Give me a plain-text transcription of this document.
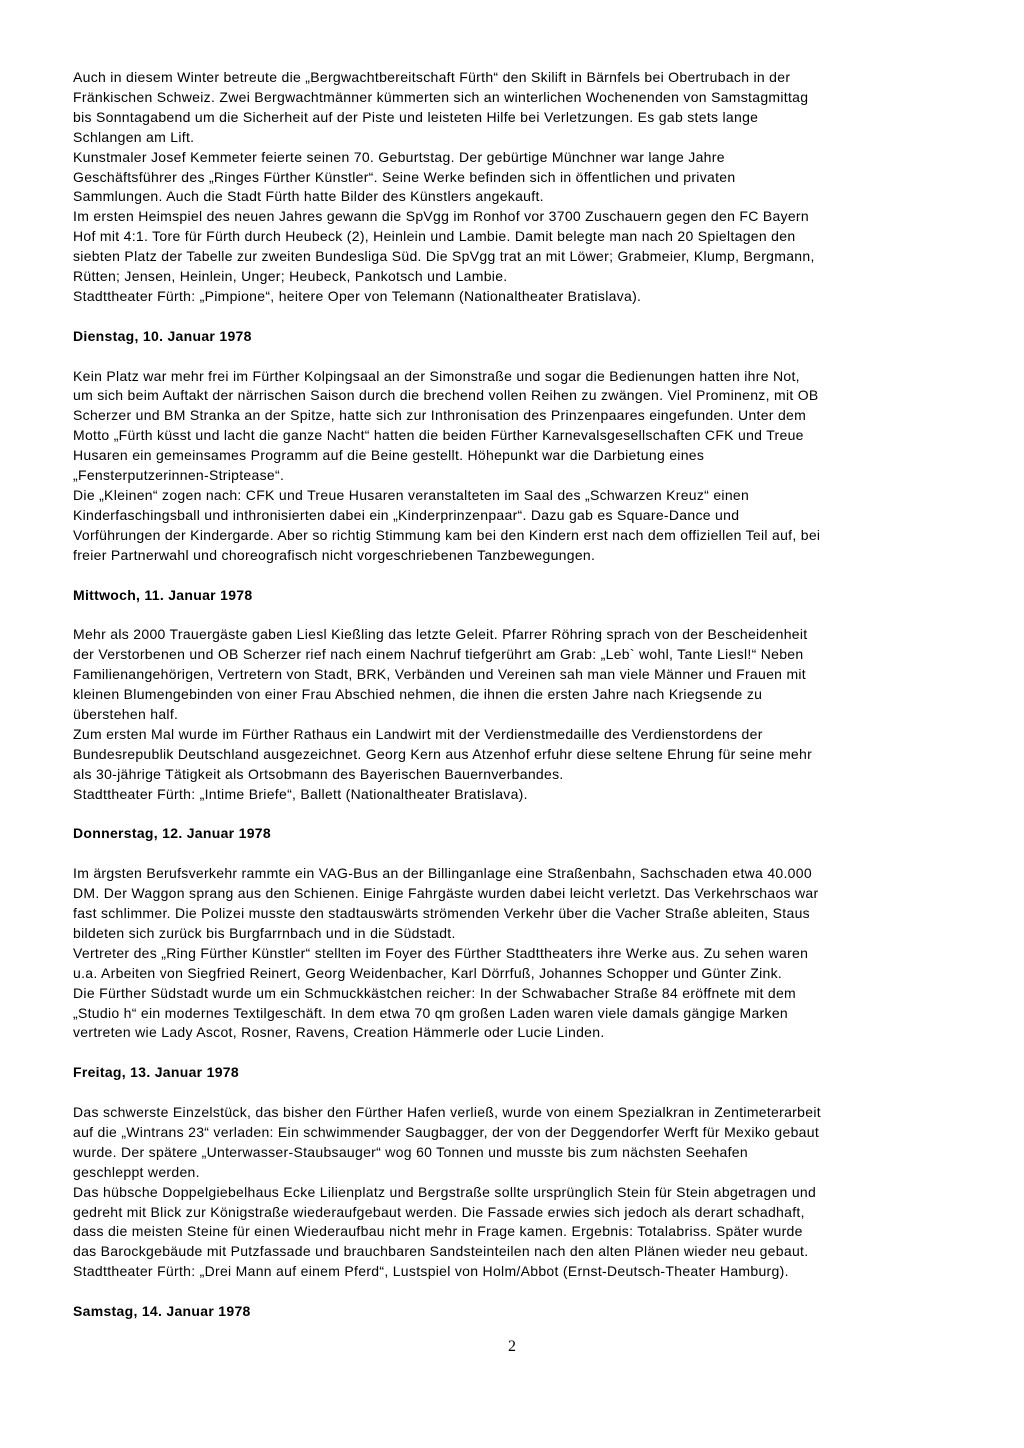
Auch in diesem Winter betreute die „Bergwachtbereitschaft Fürth“ den Skilift in Bärnfels bei Obertrubach in der
Fränkischen Schweiz. Zwei Bergwachtmänner kümmerten sich an winterlichen Wochenenden von Samstagmittag
bis Sonntagabend um die Sicherheit auf der Piste und leisteten Hilfe bei Verletzungen. Es gab stets lange
Schlangen am Lift.
Kunstmaler Josef Kemmeter feierte seinen 70. Geburtstag. Der gebürtige Münchner war lange Jahre
Geschäftsführer des „Ringes Fürther Künstler“. Seine Werke befinden sich in öffentlichen und privaten
Sammlungen. Auch die Stadt Fürth hatte Bilder des Künstlers angekauft.
Im ersten Heimspiel des neuen Jahres gewann die SpVgg im Ronhof vor 3700 Zuschauern gegen den FC Bayern
Hof mit 4:1. Tore für Fürth durch Heubeck (2), Heinlein und Lambie. Damit belegte man nach 20 Spieltagen den
siebten Platz der Tabelle zur zweiten Bundesliga Süd. Die SpVgg trat an mit Löwer; Grabmeier, Klump, Bergmann,
Rütten; Jensen, Heinlein, Unger; Heubeck, Pankotsch und Lambie.
Stadttheater Fürth: „Pimpione“, heitere Oper von Telemann (Nationaltheater Bratislava).
Dienstag, 10. Januar 1978
Kein Platz war mehr frei im Fürther Kolpingsaal an der Simonstraße und sogar die Bedienungen hatten ihre Not,
um sich beim Auftakt der närrischen Saison durch die brechend vollen Reihen zu zwängen. Viel Prominenz, mit OB
Scherzer und BM Stranka an der Spitze, hatte sich zur Inthronisation des Prinzenpaares eingefunden. Unter dem
Motto „Fürth küsst und lacht die ganze Nacht“ hatten die beiden Fürther Karnevalsgesellschaften CFK und Treue
Husaren ein gemeinsames Programm auf die Beine gestellt. Höhepunkt war die Darbietung eines
„Fensterputzerinnen-Striptease“.
Die „Kleinen“ zogen nach: CFK und Treue Husaren veranstalteten im Saal des „Schwarzen Kreuz“ einen
Kinderfaschingsball und inthronisierten dabei ein „Kinderprinzenpaar“. Dazu gab es Square-Dance und
Vorführungen der Kindergarde. Aber so richtig Stimmung kam bei den Kindern erst nach dem offiziellen Teil auf, bei
freier Partnerwahl und choreografisch nicht vorgeschriebenen Tanzbewegungen.
Mittwoch, 11. Januar 1978
Mehr als 2000 Trauergäste gaben Liesl Kießling das letzte Geleit. Pfarrer Röhring sprach von der Bescheidenheit
der Verstorbenen und OB Scherzer rief nach einem Nachruf tiefgerührt am Grab: „Leb` wohl, Tante Liesl!“ Neben
Familienangehörigen, Vertretern von Stadt, BRK, Verbänden und Vereinen sah man viele Männer und Frauen mit
kleinen Blumengebinden von einer Frau Abschied nehmen, die ihnen die ersten Jahre nach Kriegsende zu
überstehen half.
Zum ersten Mal wurde im Fürther Rathaus ein Landwirt mit der Verdienstmedaille des Verdienstordens der
Bundesrepublik Deutschland ausgezeichnet. Georg Kern aus Atzenhof erfuhr diese seltene Ehrung für seine mehr
als 30-jährige Tätigkeit als Ortsobmann des Bayerischen Bauernverbandes.
Stadttheater Fürth: „Intime Briefe“, Ballett (Nationaltheater Bratislava).
Donnerstag, 12. Januar 1978
Im ärgsten Berufsverkehr rammte ein VAG-Bus an der Billinganlage eine Straßenbahn, Sachschaden etwa 40.000
DM. Der Waggon sprang aus den Schienen. Einige Fahrgäste wurden dabei leicht verletzt. Das Verkehrschaos war
fast schlimmer. Die Polizei musste den stadtauswärts strömenden Verkehr über die Vacher Straße ableiten, Staus
bildeten sich zurück bis Burgfarrnbach und in die Südstadt.
Vertreter des „Ring Fürther Künstler“ stellten im Foyer des Fürther Stadttheaters ihre Werke aus. Zu sehen waren
u.a. Arbeiten von Siegfried Reinert, Georg Weidenbacher, Karl Dörrfuß, Johannes Schopper und Günter Zink.
Die Fürther Südstadt wurde um ein Schmuckkästchen reicher: In der Schwabacher Straße 84 eröffnete mit dem
„Studio h“ ein modernes Textilgeschäft. In dem etwa 70 qm großen Laden waren viele damals gängige Marken
vertreten wie Lady Ascot, Rosner, Ravens, Creation Hämmerle oder Lucie Linden.
Freitag, 13. Januar 1978
Das schwerste Einzelstück, das bisher den Fürther Hafen verließ, wurde von einem Spezialkran in Zentimeterarbeit
auf die „Wintrans 23“ verladen: Ein schwimmender Saugbagger, der von der Deggendorfer Werft für Mexiko gebaut
wurde. Der spätere „Unterwasser-Staubsauger“ wog 60 Tonnen und musste bis zum nächsten Seehafen
geschleppt werden.
Das hübsche Doppelgiebelhaus Ecke Lilienplatz und Bergstraße sollte ursprünglich Stein für Stein abgetragen und
gedreht mit Blick zur Königstraße wiederaufgebaut werden. Die Fassade erwies sich jedoch als derart schadhaft,
dass die meisten Steine für einen Wiederaufbau nicht mehr in Frage kamen. Ergebnis: Totalabriss. Später wurde
das Barockgebäude mit Putzfassade und brauchbaren Sandsteinteilen nach den alten Plänen wieder neu gebaut.
Stadttheater Fürth: „Drei Mann auf einem Pferd“, Lustspiel von Holm/Abbot (Ernst-Deutsch-Theater Hamburg).
Samstag, 14. Januar 1978
2
